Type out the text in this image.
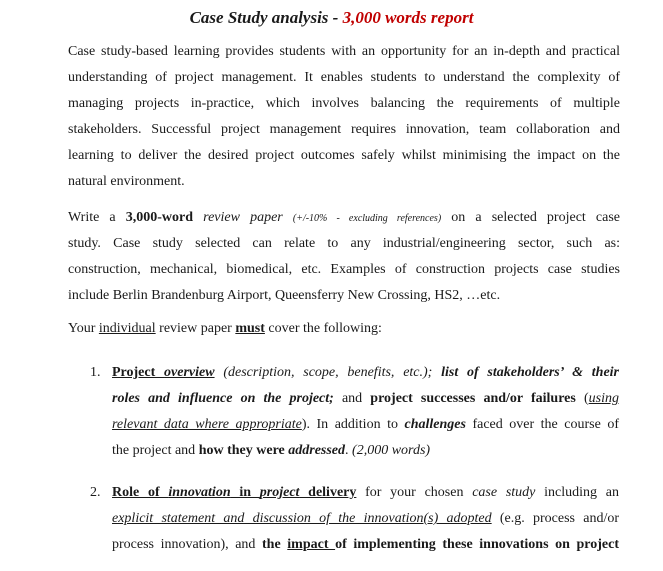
Case Study analysis - 3,000 words report
Case study-based learning provides students with an opportunity for an in-depth and practical
understanding of project management. It enables students to understand the complexity of
managing projects in-practice, which involves balancing the requirements of multiple
stakeholders. Successful project management requires innovation, team collaboration and
learning to deliver the desired project outcomes safely whilst minimising the impact on the
natural environment.
Write a 3,000-word review paper (+/-10% - excluding references) on a selected project case
study. Case study selected can relate to any industrial/engineering sector, such as:
construction, mechanical, biomedical, etc. Examples of construction projects case studies
include Berlin Brandenburg Airport, Queensferry New Crossing, HS2, …etc.
Your individual review paper must cover the following:
1. Project overview (description, scope, benefits, etc.); list of stakeholders’ & their
roles and influence on the project; and project successes and/or failures (using
relevant data where appropriate). In addition to challenges faced over the course of
the project and how they were addressed. (2,000 words)
2. Role of innovation in project delivery for your chosen case study including an
explicit statement and discussion of the innovation(s) adopted (e.g. process and/or
process innovation), and the impact of implementing these innovations on project
